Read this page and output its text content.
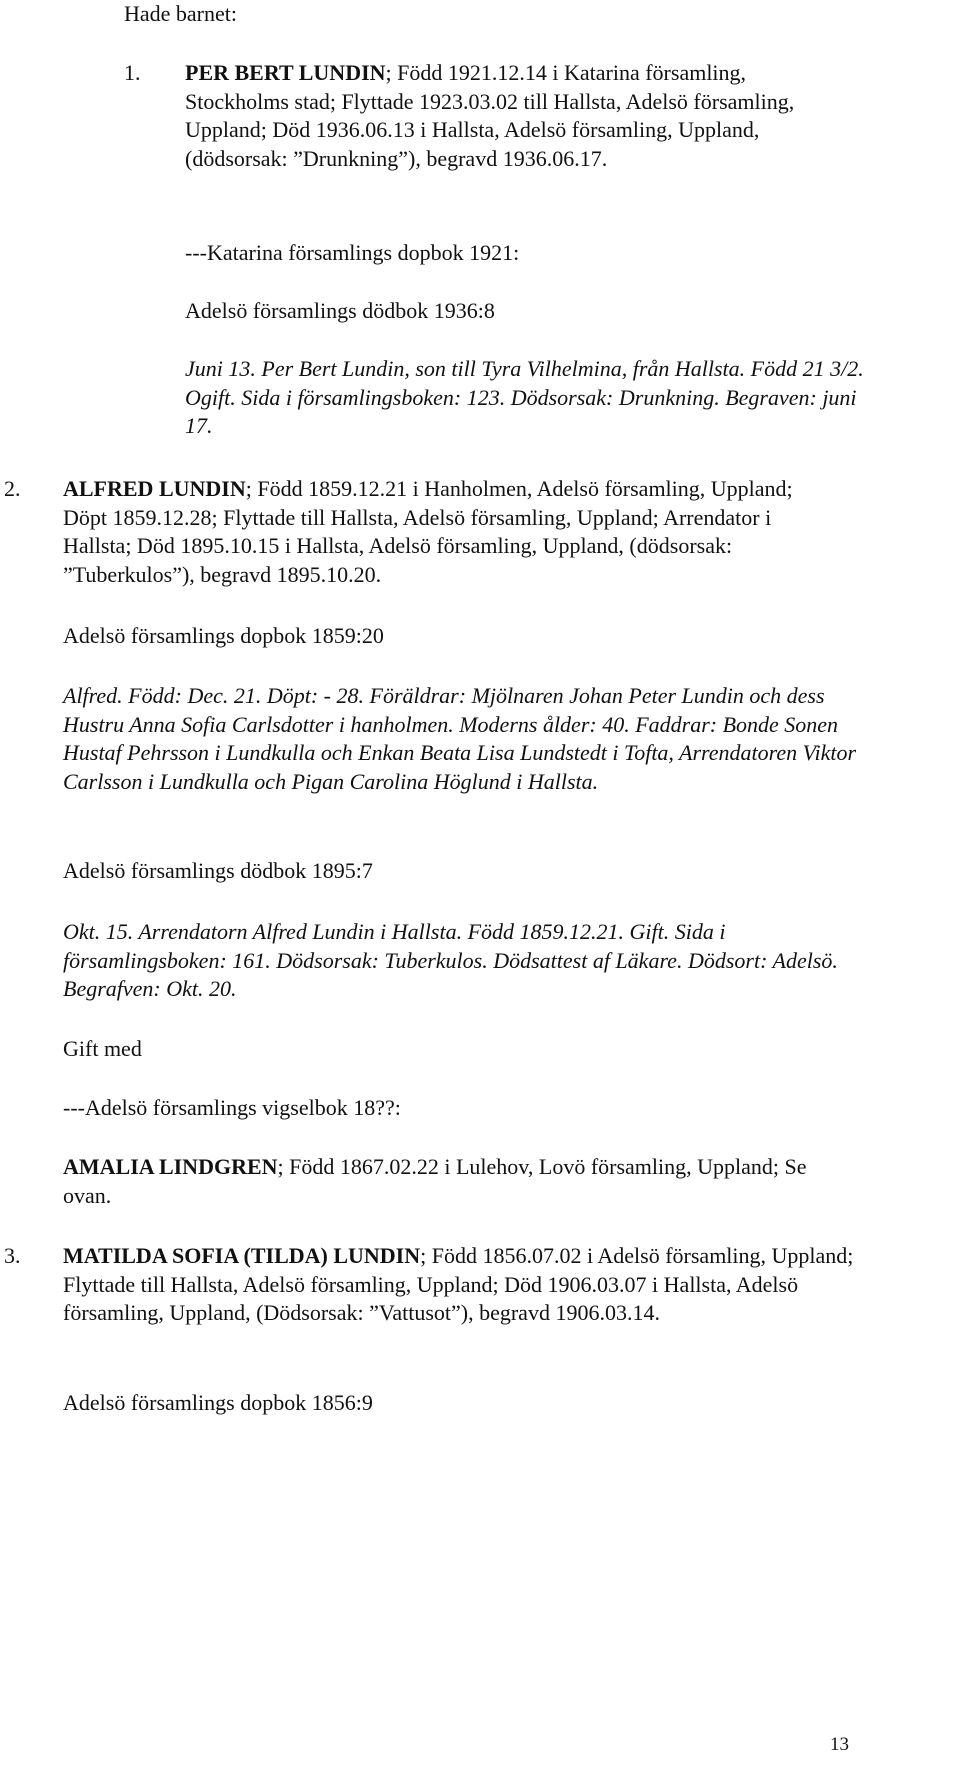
Hade barnet:

1. PER BERT LUNDIN; Född 1921.12.14 i Katarina församling, Stockholms stad; Flyttade 1923.03.02 till Hallsta, Adelsö församling, Uppland; Död 1936.06.13 i Hallsta, Adelsö församling, Uppland, (dödsorsak: ”Drunkning”), begravd 1936.06.17.

---Katarina församlings dopbok 1921:

Adelsö församlings dödbok 1936:8

Juni 13. Per Bert Lundin, son till Tyra Vilhelmina, från Hallsta. Född 21 3/2. Ogift. Sida i församlingsboken: 123. Dödsorsak: Drunkning. Begraven: juni 17.

2. ALFRED LUNDIN; Född 1859.12.21 i Hanholmen, Adelsö församling, Uppland; Döpt 1859.12.28; Flyttade till Hallsta, Adelsö församling, Uppland; Arrendator i Hallsta; Död 1895.10.15 i Hallsta, Adelsö församling, Uppland, (dödsorsak: ”Tuberkulos”), begravd 1895.10.20.

Adelsö församlings dopbok 1859:20

Alfred. Född: Dec. 21. Döpt: - 28. Föräldrar: Mjölnaren Johan Peter Lundin och dess Hustru Anna Sofia Carlsdotter i hanholmen. Moderns ålder: 40. Faddrar: Bonde Sonen Hustaf Pehrsson i Lundkulla och Enkan Beata Lisa Lundstedt i Tofta, Arrendatoren Viktor Carlsson i Lundkulla och Pigan Carolina Höglund i Hallsta.

Adelsö församlings dödbok 1895:7

Okt. 15. Arrendatorn Alfred Lundin i Hallsta. Född 1859.12.21. Gift. Sida i församlingsboken: 161. Dödsorsak: Tuberkulos. Dödsattest af Läkare. Dödsort: Adelsö. Begrafven: Okt. 20.

Gift med

---Adelsö församlings vigselbok 18??:

AMALIA LINDGREN; Född 1867.02.22 i Lulehov, Lovö församling, Uppland; Se ovan.

3. MATILDA SOFIA (TILDA) LUNDIN; Född 1856.07.02 i Adelsö församling, Uppland; Flyttade till Hallsta, Adelsö församling, Uppland; Död 1906.03.07 i Hallsta, Adelsö församling, Uppland, (Dödsorsak: ”Vattusot”), begravd 1906.03.14.

Adelsö församlings dopbok 1856:9

13
